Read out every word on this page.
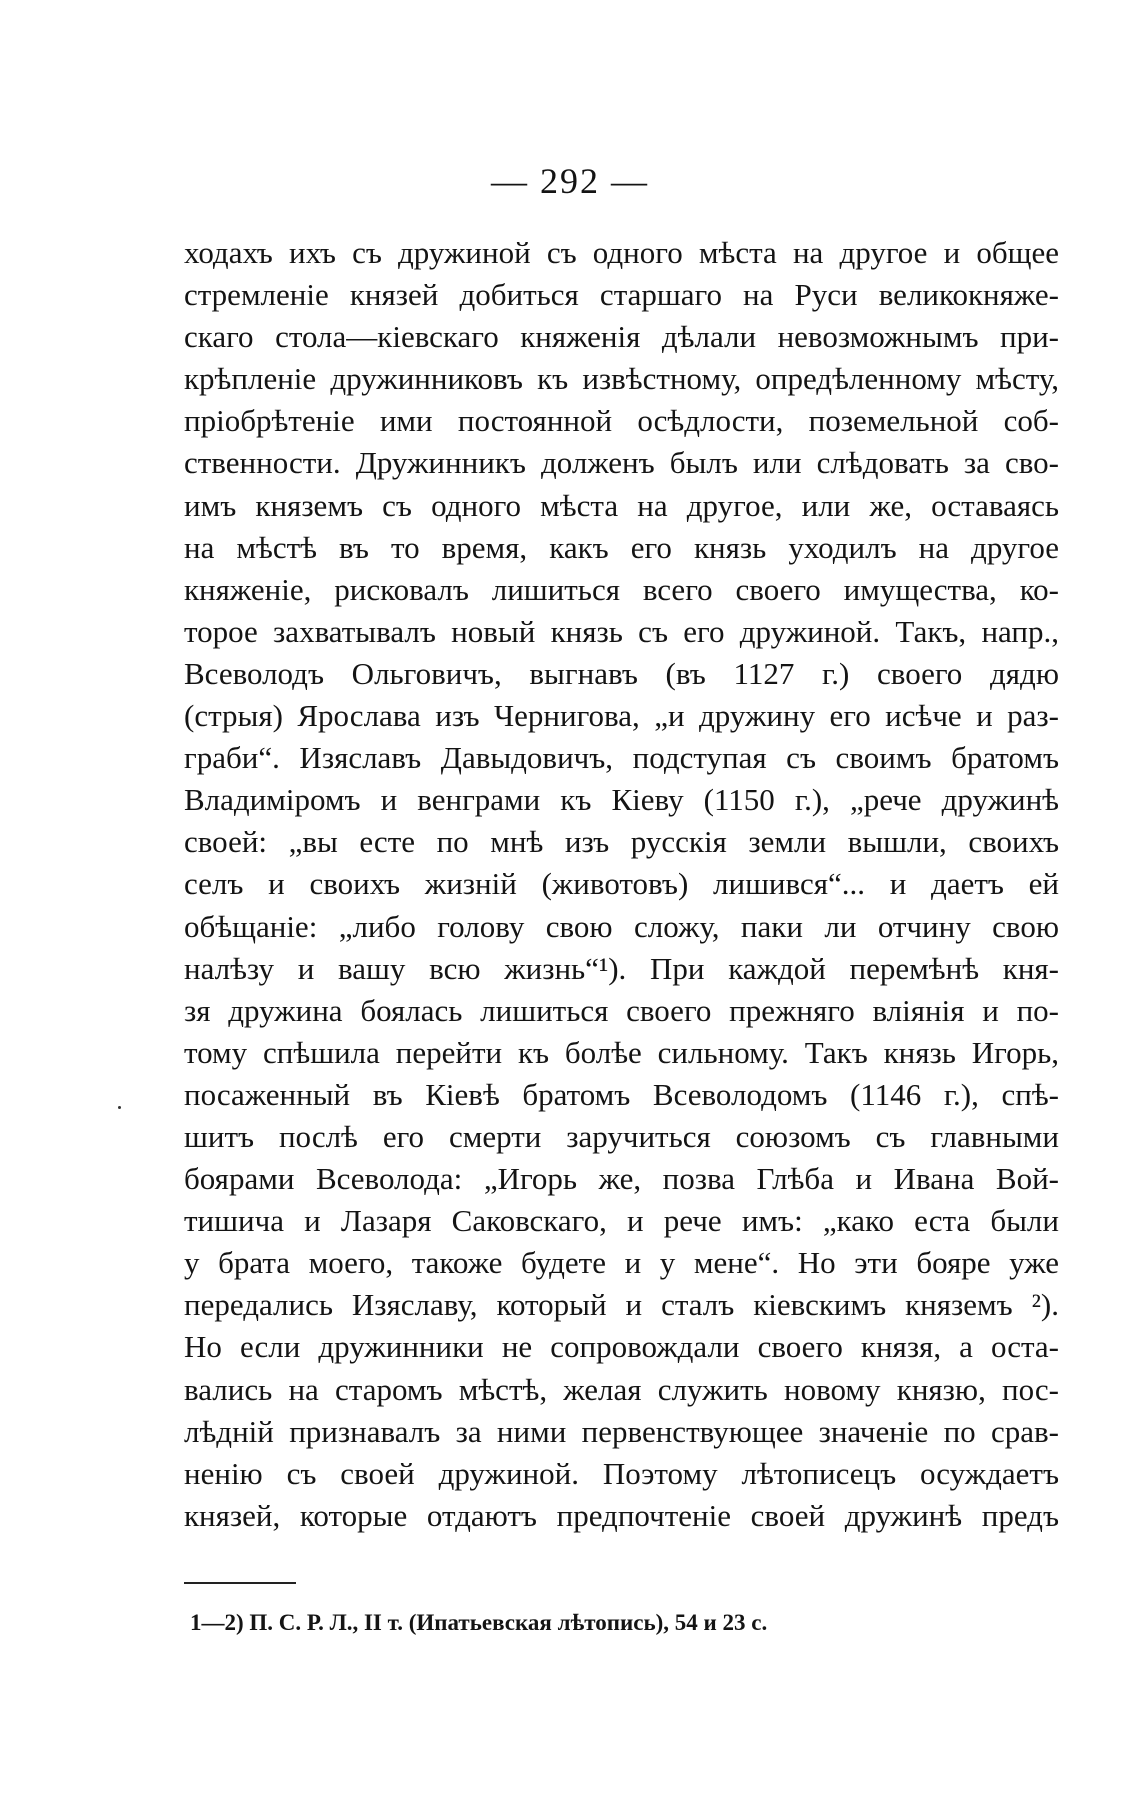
— 292 —
ходахъ ихъ съ дружиной съ одного мѣста на другое и общее
стремленіе князей добиться старшаго на Руси великокняже-
скаго стола—кіевскаго княженія дѣлали невозможнымъ при-
крѣпленіе дружинниковъ къ извѣстному, опредѣленному мѣсту,
пріобрѣтеніе ими постоянной осѣдлости, поземельной соб-
ственности. Дружинникъ долженъ былъ или слѣдовать за сво-
имъ княземъ съ одного мѣста на другое, или же, оставаясь
на мѣстѣ въ то время, какъ его князь уходилъ на другое
княженіе, рисковалъ лишиться всего своего имущества, ко-
торое захватывалъ новый князь съ его дружиной. Такъ, напр.,
Всеволодъ Ольговичъ, выгнавъ (въ 1127 г.) своего дядю
(стрыя) Ярослава изъ Чернигова, „и дружину его исѣче и раз-
граби“. Изяславъ Давыдовичъ, подступая съ своимъ братомъ
Владиміромъ и венграми къ Кіеву (1150 г.), „рече дружинѣ
своей: „вы есте по мнѣ изъ русскія земли вышли, своихъ
селъ и своихъ жизній (животовъ) лишився“... и даетъ ей
обѣщаніе: „либо голову свою сложу, паки ли отчину свою
налѣзу и вашу всю жизнь“¹). При каждой перемѣнѣ кня-
зя дружина боялась лишиться своего прежняго вліянія и по-
тому спѣшила перейти къ болѣе сильному. Такъ князь Игорь,
посаженный въ Кіевѣ братомъ Всеволодомъ (1146 г.), спѣ-
шитъ послѣ его смерти заручиться союзомъ съ главными
боярами Всеволода: „Игорь же, позва Глѣба и Ивана Вой-
тишича и Лазаря Саковскаго, и рече имъ: „како еста были
у брата моего, такоже будете и у мене“. Но эти бояре уже
передались Изяславу, который и сталъ кіевскимъ княземъ ²).
Но если дружинники не сопровождали своего князя, а оста-
вались на старомъ мѣстѣ, желая служить новому князю, пос-
лѣдній признавалъ за ними первенствующее значеніе по срав-
ненію съ своей дружиной. Поэтому лѣтописецъ осуждаетъ
князей, которые отдаютъ предпочтеніе своей дружинѣ предъ
1—2) П. С. Р. Л., II т. (Ипатьевская лѣтопись), 54 и 23 с.
